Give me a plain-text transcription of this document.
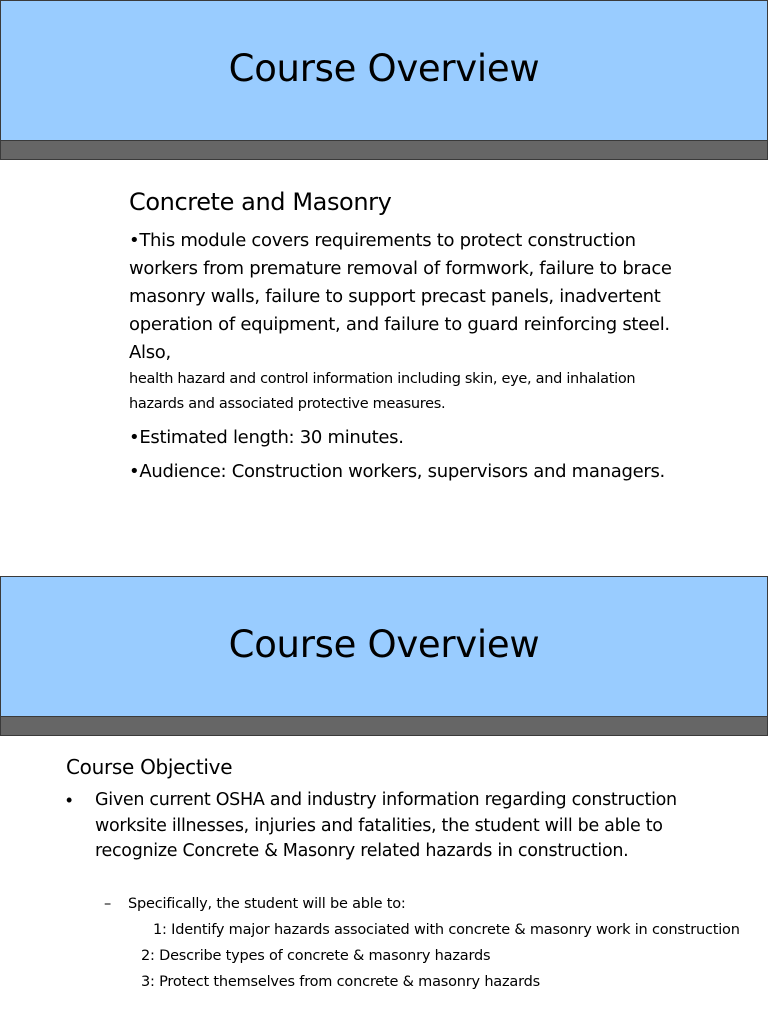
Course Overview
Concrete and Masonry

•This module covers requirements to protect construction workers from premature removal of formwork, failure to brace masonry walls, failure to support precast panels, inadvertent operation of equipment, and failure to guard reinforcing steel. Also,

health hazard and control information including skin, eye, and inhalation hazards and associated protective measures.

•Estimated length: 30 minutes.

•Audience: Construction workers, supervisors and managers.

Course Overview
Course Objective
• Given current OSHA and industry information regarding construction worksite illnesses, injuries and fatalities, the student will be able to recognize Concrete & Masonry related hazards in construction.
– Specifically, the student will be able to:
1: Identify major hazards associated with concrete & masonry work in construction
2: Describe types of concrete & masonry hazards
3: Protect themselves from concrete & masonry hazards
